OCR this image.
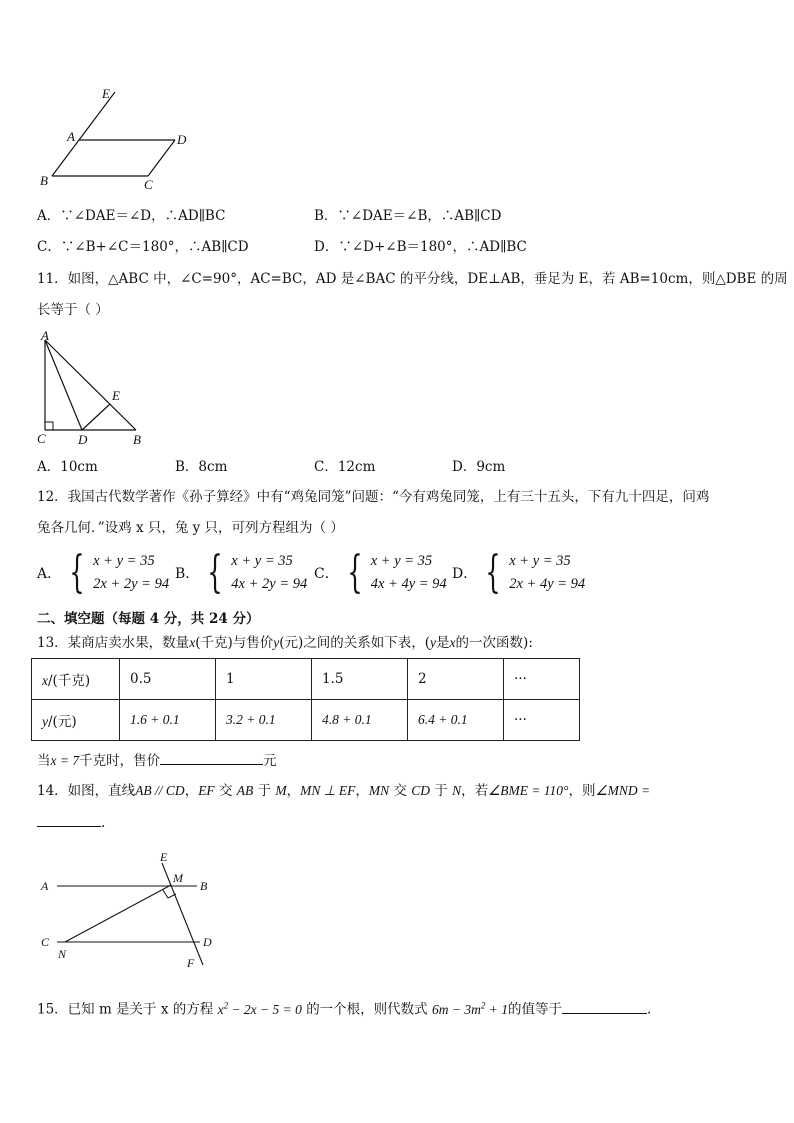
E
A	D
B	C
A．∵∠DAE＝∠D，∴AD∥BC	B．∵∠DAE＝∠B，∴AB∥CD
C．∵∠B+∠C＝180°，∴AB∥CD	D．∵∠D+∠B＝180°，∴AD∥BC
11．如图，△ABC 中，∠C=90°，AC=BC，AD 是∠BAC 的平分线，DE⊥AB，垂足为 E，若 AB=10cm，则△DBE 的周
长等于（ ）
A
E
C D	B
A．10cm	B．8cm	C．12cm	D．9cm
12．我国古代数学著作《孙子算经》中有“鸡兔同笼”问题：“今有鸡兔同笼，上有三十五头，下有九十四足，问鸡
兔各几何．”设鸡 x 只，兔 y 只，可列方程组为（ ）
A． { x + y = 35
2x + 2y = 94
B． { x + y = 35
4x + 2y = 94
C． { x + y = 35
4x + 4y = 94
D． { x + y = 35
2x + 4y = 94
二、填空题（每题 4 分，共 24 分）
13．某商店卖水果，数量x(千克)与售价y(元)之间的关系如下表，(y是x的一次函数):
x/(千克)	0.5	1	1.5	2	···
y/(元)	1.6 + 0.1	3.2 + 0.1	4.8 + 0.1	6.4 + 0.1	···
当x = 7千克时，售价	元
14．如图，直线AB // CD，EF 交 AB 于 M，MN ⊥ EF，MN 交 CD 于 N，若∠BME = 110°，则∠MND =
.
E
M
A	B
C
N
D
F
15．已知 m 是关于 x 的方程 $x^2 - 2x - 5 = 0$ 的一个根，则代数式 $6m - 3m^2 + 1$的值等于	.
